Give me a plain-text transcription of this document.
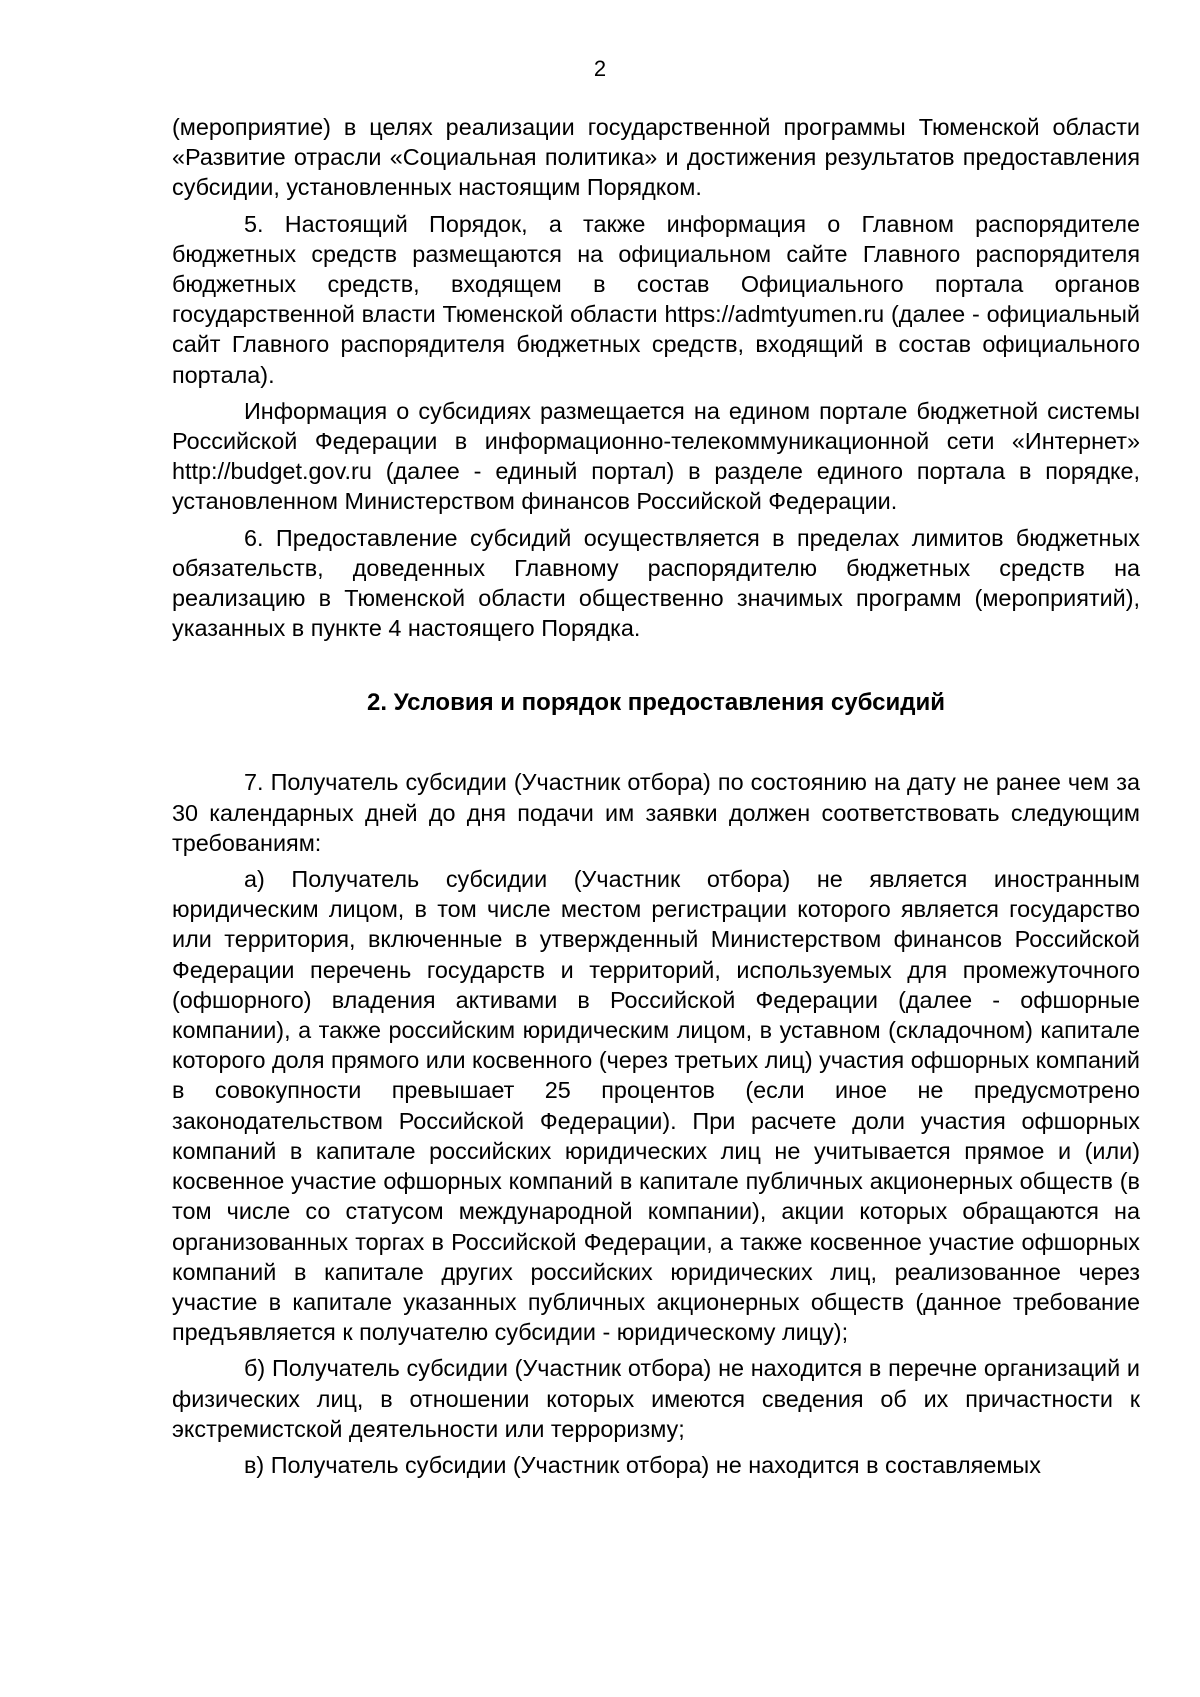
2

(мероприятие) в целях реализации государственной программы Тюменской области «Развитие отрасли «Социальная политика» и достижения результатов предоставления субсидии, установленных настоящим Порядком.

5. Настоящий Порядок, а также информация о Главном распорядителе бюджетных средств размещаются на официальном сайте Главного распорядителя бюджетных средств, входящем в состав Официального портала органов государственной власти Тюменской области https://admtyumen.ru (далее - официальный сайт Главного распорядителя бюджетных средств, входящий в состав официального портала).

Информация о субсидиях размещается на едином портале бюджетной системы Российской Федерации в информационно-телекоммуникационной сети «Интернет» http://budget.gov.ru (далее - единый портал) в разделе единого портала в порядке, установленном Министерством финансов Российской Федерации.

6. Предоставление субсидий осуществляется в пределах лимитов бюджетных обязательств, доведенных Главному распорядителю бюджетных средств на реализацию в Тюменской области общественно значимых программ (мероприятий), указанных в пункте 4 настоящего Порядка.

2. Условия и порядок предоставления субсидий

7. Получатель субсидии (Участник отбора) по состоянию на дату не ранее чем за 30 календарных дней до дня подачи им заявки должен соответствовать следующим требованиям:

а) Получатель субсидии (Участник отбора) не является иностранным юридическим лицом, в том числе местом регистрации которого является государство или территория, включенные в утвержденный Министерством финансов Российской Федерации перечень государств и территорий, используемых для промежуточного (офшорного) владения активами в Российской Федерации (далее - офшорные компании), а также российским юридическим лицом, в уставном (складочном) капитале которого доля прямого или косвенного (через третьих лиц) участия офшорных компаний в совокупности превышает 25 процентов (если иное не предусмотрено законодательством Российской Федерации). При расчете доли участия офшорных компаний в капитале российских юридических лиц не учитывается прямое и (или) косвенное участие офшорных компаний в капитале публичных акционерных обществ (в том числе со статусом международной компании), акции которых обращаются на организованных торгах в Российской Федерации, а также косвенное участие офшорных компаний в капитале других российских юридических лиц, реализованное через участие в капитале указанных публичных акционерных обществ (данное требование предъявляется к получателю субсидии - юридическому лицу);

б) Получатель субсидии (Участник отбора) не находится в перечне организаций и физических лиц, в отношении которых имеются сведения об их причастности к экстремистской деятельности или терроризму;

в) Получатель субсидии (Участник отбора) не находится в составляемых
